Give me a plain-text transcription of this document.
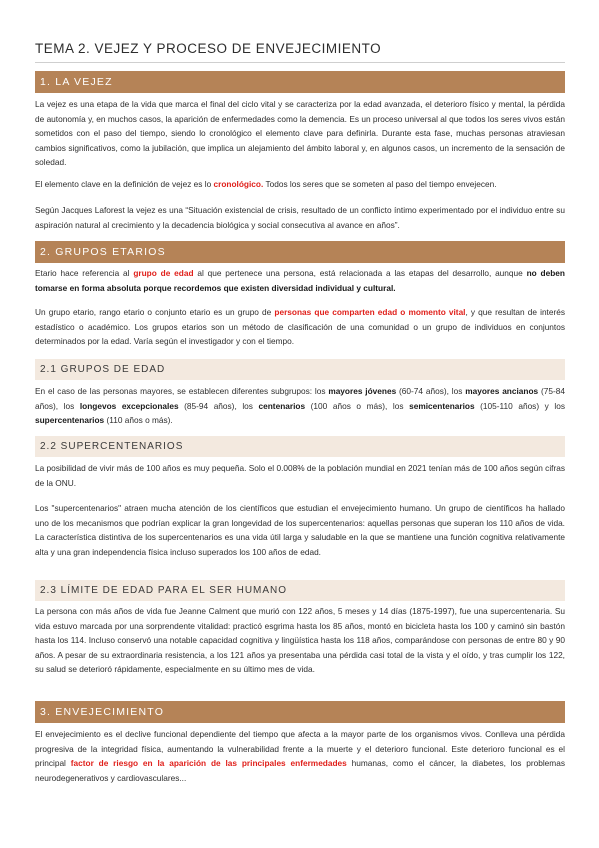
TEMA 2. VEJEZ Y PROCESO DE ENVEJECIMIENTO
1. LA VEJEZ

La vejez es una etapa de la vida que marca el final del ciclo vital y se caracteriza por la edad avanzada, el deterioro físico y mental, la pérdida de autonomía y, en muchos casos, la aparición de enfermedades como la demencia. Es un proceso universal al que todos los seres vivos están sometidos con el paso del tiempo, siendo lo cronológico el elemento clave para definirla. Durante esta fase, muchas personas atraviesan cambios significativos, como la jubilación, que implica un alejamiento del ámbito laboral y, en algunos casos, un incremento de la sensación de soledad.

El elemento clave en la definición de vejez es lo cronológico. Todos los seres que se someten al paso del tiempo envejecen.

Según Jacques Laforest la vejez es una “Situación existencial de crisis, resultado de un conflicto íntimo experimentado por el individuo entre su aspiración natural al crecimiento y la decadencia biológica y social consecutiva al avance en años”.

2. GRUPOS ETARIOS

Etario hace referencia al grupo de edad al que pertenece una persona, está relacionada a las etapas del desarrollo, aunque no deben tomarse en forma absoluta porque recordemos que existen diversidad individual y cultural.

Un grupo etario, rango etario o conjunto etario es un grupo de personas que comparten edad o momento vital, y que resultan de interés estadístico o académico. Los grupos etarios son un método de clasificación de una comunidad o un grupo de individuos en conjuntos determinados por la edad. Varía según el investigador y con el tiempo.

2.1 GRUPOS DE EDAD

En el caso de las personas mayores, se establecen diferentes subgrupos: los mayores jóvenes (60-74 años), los mayores ancianos (75-84 años), los longevos excepcionales (85-94 años), los centenarios (100 años o más), los semicentenarios (105-110 años) y los supercentenarios (110 años o más).

2.2 SUPERCENTENARIOS

La posibilidad de vivir más de 100 años es muy pequeña. Solo el 0.008% de la población mundial en 2021 tenían más de 100 años según cifras de la ONU.

Los "supercentenarios" atraen mucha atención de los científicos que estudian el envejecimiento humano. Un grupo de científicos ha hallado uno de los mecanismos que podrían explicar la gran longevidad de los supercentenarios: aquellas personas que superan los 110 años de vida. La característica distintiva de los supercentenarios es una vida útil larga y saludable en la que se mantiene una función cognitiva relativamente alta y una gran independencia física incluso superados los 100 años de edad.

2.3 LÍMITE DE EDAD PARA EL SER HUMANO

La persona con más años de vida fue Jeanne Calment que murió con 122 años, 5 meses y 14 días (1875-1997), fue una supercentenaria. Su vida estuvo marcada por una sorprendente vitalidad: practicó esgrima hasta los 85 años, montó en bicicleta hasta los 100 y caminó sin bastón hasta los 114. Incluso conservó una notable capacidad cognitiva y lingüística hasta los 118 años, comparándose con personas de entre 80 y 90 años. A pesar de su extraordinaria resistencia, a los 121 años ya presentaba una pérdida casi total de la vista y el oído, y tras cumplir los 122, su salud se deterioró rápidamente, especialmente en su último mes de vida.

3. ENVEJECIMIENTO

El envejecimiento es el declive funcional dependiente del tiempo que afecta a la mayor parte de los organismos vivos. Conlleva una pérdida progresiva de la integridad física, aumentando la vulnerabilidad frente a la muerte y el deterioro funcional. Este deterioro funcional es el principal factor de riesgo en la aparición de las principales enfermedades humanas, como el cáncer, la diabetes, los problemas neurodegenerativos y cardiovasculares...
